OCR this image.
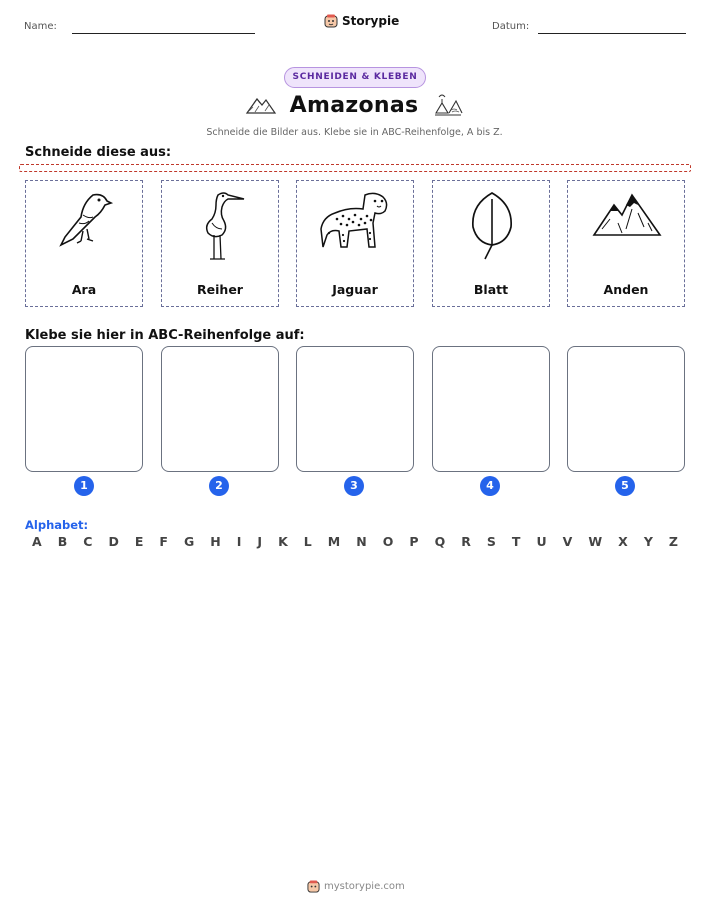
Name:	Storypie	Datum:
SCHNEIDEN & KLEBEN
Amazonas
Schneide die Bilder aus. Klebe sie in ABC-Reihenfolge, A bis Z.
Schneide diese aus:
Ara	Reiher	Jaguar	Blatt	Anden
Klebe sie hier in ABC-Reihenfolge auf:
1	2	3	4	5
Alphabet:
A B C D E F G H I J K L M N O P Q R S T U V W X Y Z
mystorypie.com
